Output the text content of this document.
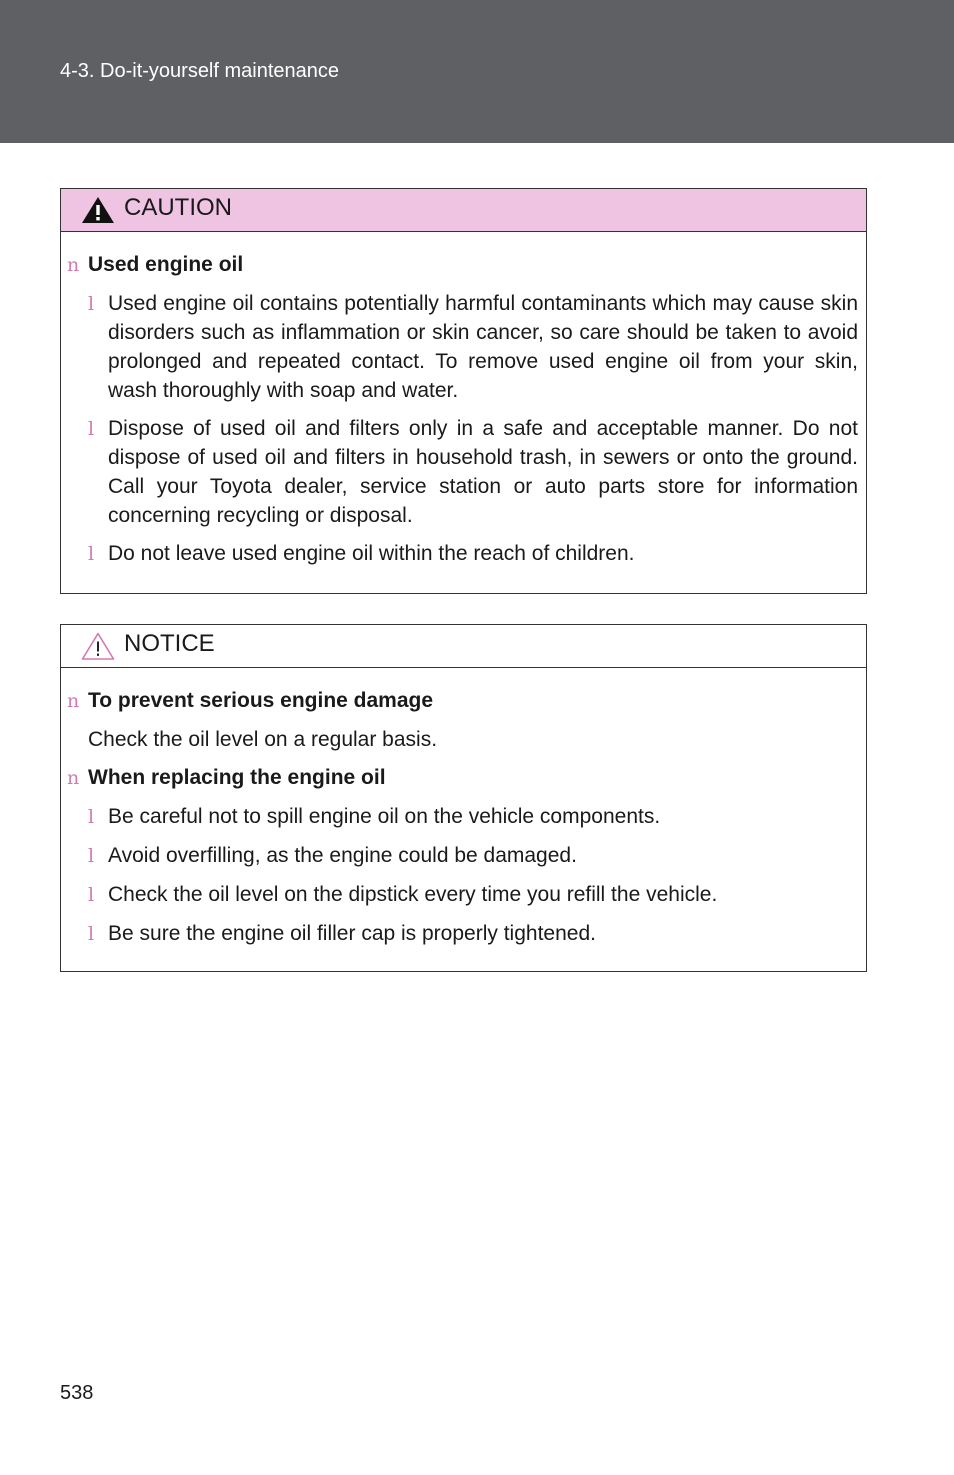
4-3. Do-it-yourself maintenance
CAUTION
n Used engine oil
l Used engine oil contains potentially harmful contaminants which may cause skin disorders such as inflammation or skin cancer, so care should be taken to avoid prolonged and repeated contact. To remove used engine oil from your skin, wash thoroughly with soap and water.
l Dispose of used oil and filters only in a safe and acceptable manner. Do not dispose of used oil and filters in household trash, in sewers or onto the ground. Call your Toyota dealer, service station or auto parts store for information concerning recycling or disposal.
l Do not leave used engine oil within the reach of children.
NOTICE
n To prevent serious engine damage
Check the oil level on a regular basis.
n When replacing the engine oil
l Be careful not to spill engine oil on the vehicle components.
l Avoid overfilling, as the engine could be damaged.
l Check the oil level on the dipstick every time you refill the vehicle.
l Be sure the engine oil filler cap is properly tightened.
538
